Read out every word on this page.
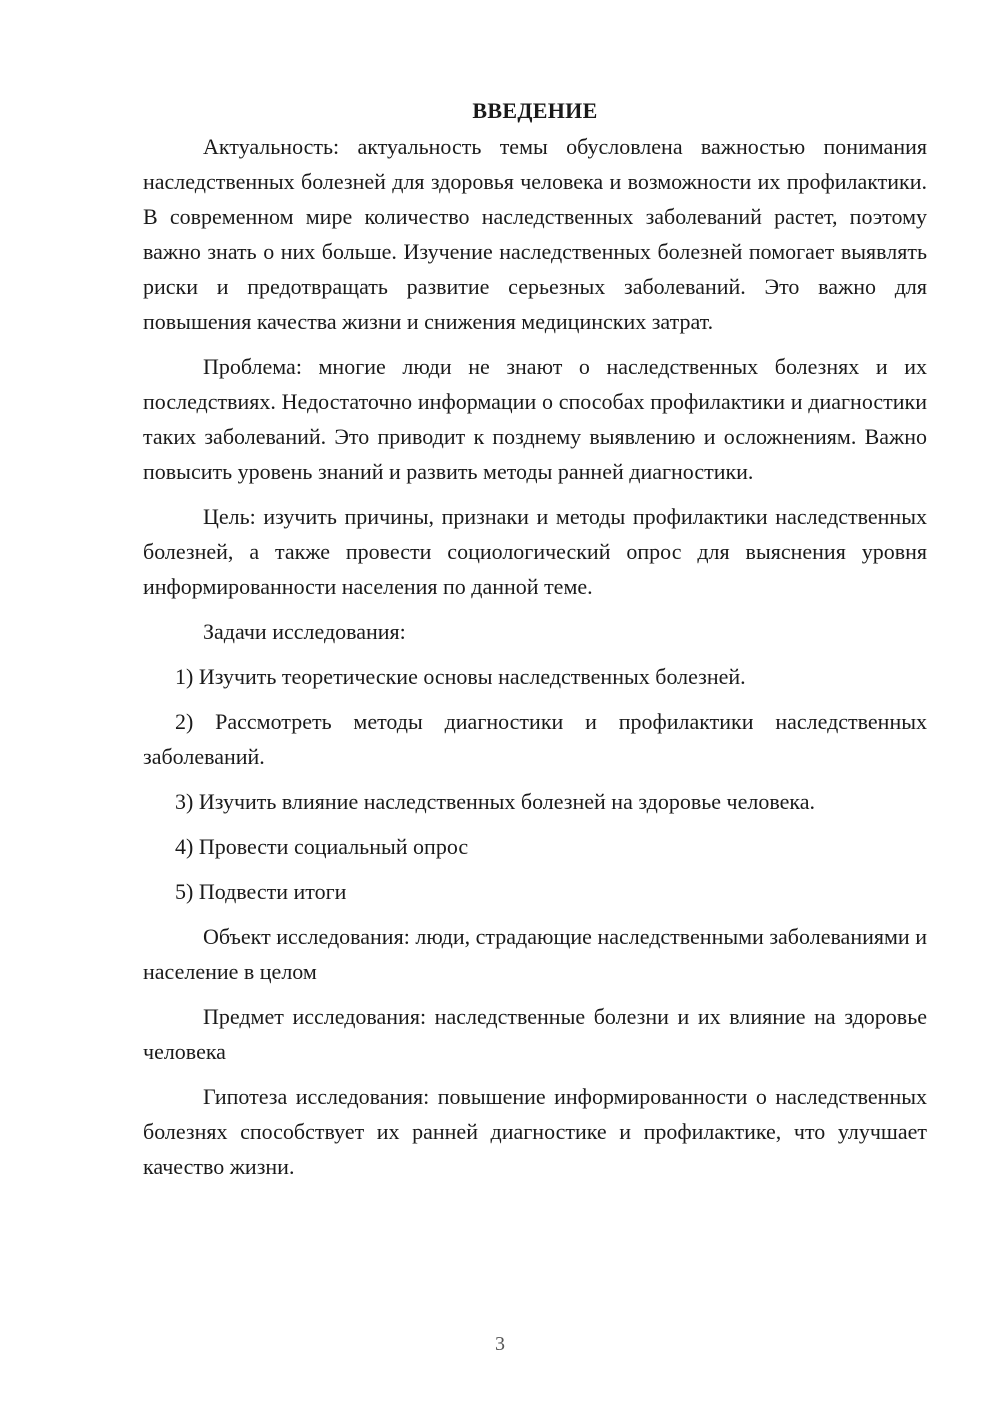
ВВЕДЕНИЕ

Актуальность: актуальность темы обусловлена важностью понимания наследственных болезней для здоровья человека и возможности их профилактики. В современном мире количество наследственных заболеваний растет, поэтому важно знать о них больше. Изучение наследственных болезней помогает выявлять риски и предотвращать развитие серьезных заболеваний. Это важно для повышения качества жизни и снижения медицинских затрат.

Проблема: многие люди не знают о наследственных болезнях и их последствиях. Недостаточно информации о способах профилактики и диагностики таких заболеваний. Это приводит к позднему выявлению и осложнениям. Важно повысить уровень знаний и развить методы ранней диагностики.

Цель: изучить причины, признаки и методы профилактики наследственных болезней, а также провести социологический опрос для выяснения уровня информированности населения по данной теме.

Задачи исследования:

1) Изучить теоретические основы наследственных болезней.

2) Рассмотреть методы диагностики и профилактики наследственных заболеваний.

3) Изучить влияние наследственных болезней на здоровье человека.

4) Провести социальный опрос

5) Подвести итоги

Объект исследования: люди, страдающие наследственными заболеваниями и население в целом

Предмет исследования: наследственные болезни и их влияние на здоровье человека

Гипотеза исследования: повышение информированности о наследственных болезнях способствует их ранней диагностике и профилактике, что улучшает качество жизни.

3
